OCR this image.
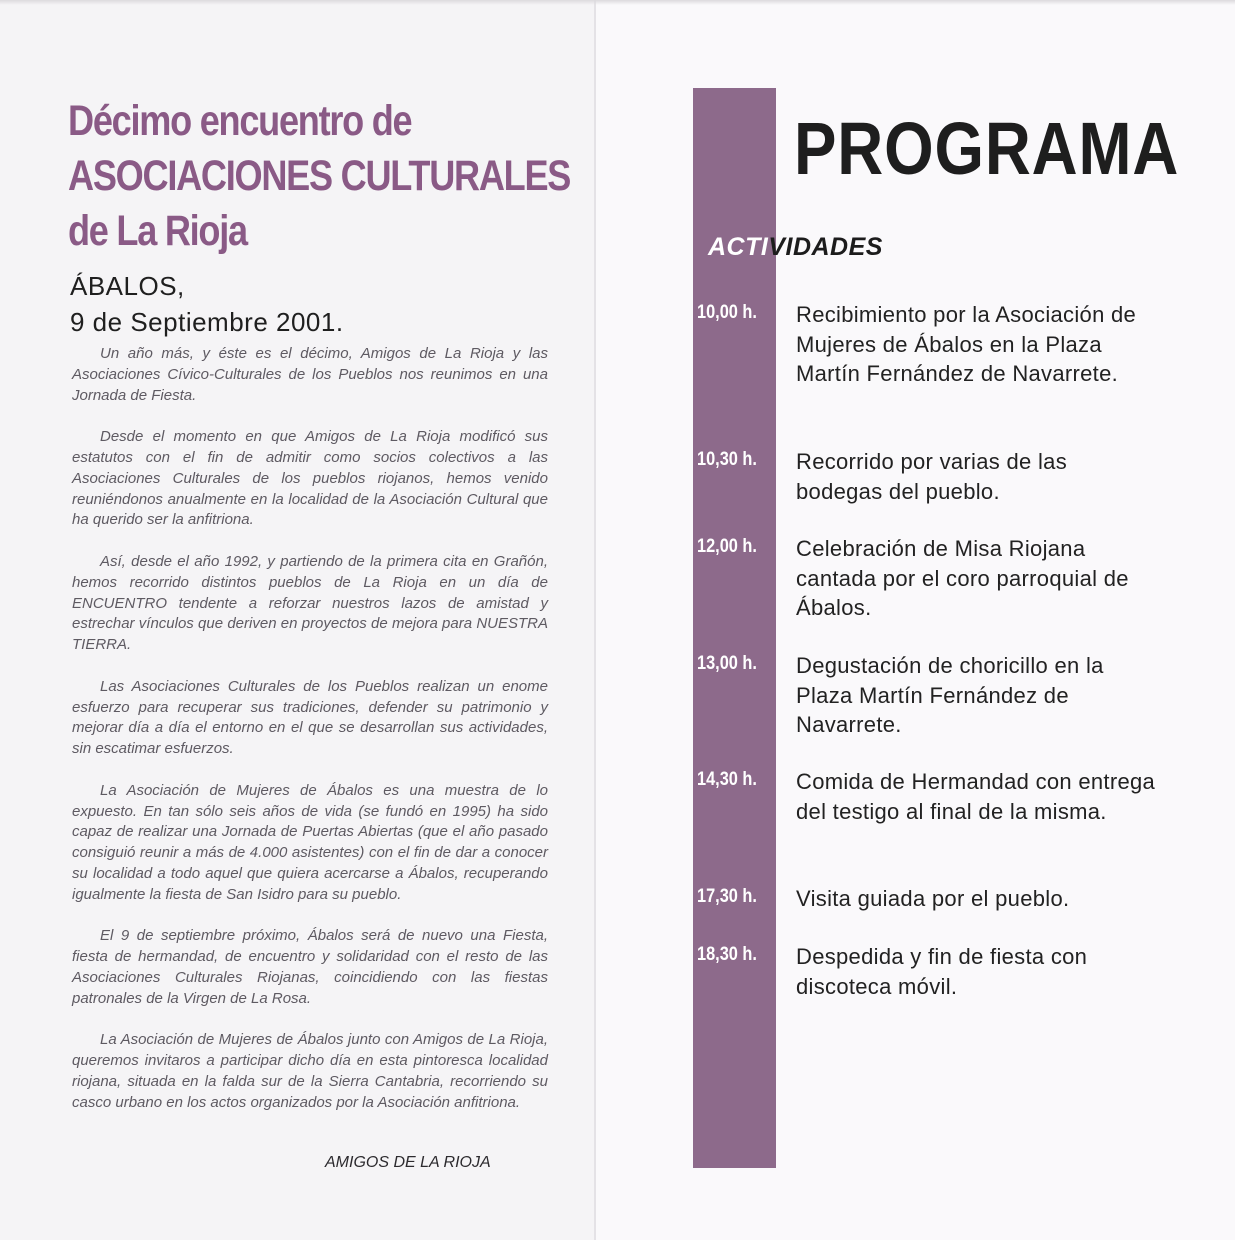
Décimo encuentro de
ASOCIACIONES CULTURALES
de La Rioja
ÁBALOS,
9 de Septiembre 2001.

Un año más, y éste es el décimo, Amigos de La Rioja y las Asociaciones Cívico-Culturales de los Pueblos nos reunimos en una Jornada de Fiesta.

Desde el momento en que Amigos de La Rioja modificó sus estatutos con el fin de admitir como socios colectivos a las Asociaciones Culturales de los pueblos riojanos, hemos venido reuniéndonos anualmente en la localidad de la Asociación Cultural que ha querido ser la anfitriona.

Así, desde el año 1992, y partiendo de la primera cita en Grañón, hemos recorrido distintos pueblos de La Rioja en un día de ENCUENTRO tendente a reforzar nuestros lazos de amistad y estrechar vínculos que deriven en proyectos de mejora para NUESTRA TIERRA.

Las Asociaciones Culturales de los Pueblos realizan un enome esfuerzo para recuperar sus tradiciones, defender su patrimonio y mejorar día a día el entorno en el que se desarrollan sus actividades, sin escatimar esfuerzos.

La Asociación de Mujeres de Ábalos es una muestra de lo expuesto. En tan sólo seis años de vida (se fundó en 1995) ha sido capaz de realizar una Jornada de Puertas Abiertas (que el año pasado consiguió reunir a más de 4.000 asistentes) con el fin de dar a conocer su localidad a todo aquel que quiera acercarse a Ábalos, recuperando igualmente la fiesta de San Isidro para su pueblo.

El 9 de septiembre próximo, Ábalos será de nuevo una Fiesta, fiesta de hermandad, de encuentro y solidaridad con el resto de las Asociaciones Culturales Riojanas, coincidiendo con las fiestas patronales de la Virgen de La Rosa.

La Asociación de Mujeres de Ábalos junto con Amigos de La Rioja, queremos invitaros a participar dicho día en esta pintoresca localidad riojana, situada en la falda sur de la Sierra Cantabria, recorriendo su casco urbano en los actos organizados por la Asociación anfitriona.

AMIGOS DE LA RIOJA
PROGRAMA
ACTIVIDADES
10,00 h.	Recibimiento por la Asociación de Mujeres de Ábalos en la Plaza Martín Fernández de Navarrete.
10,30 h.	Recorrido por varias de las bodegas del pueblo.
12,00 h.	Celebración de Misa Riojana cantada por el coro parroquial de Ábalos.
13,00 h.	Degustación de choricillo en la Plaza Martín Fernández de Navarrete.
14,30 h.	Comida de Hermandad con entrega del testigo al final de la misma.
17,30 h.	Visita guiada por el pueblo.
18,30 h.	Despedida y fin de fiesta con discoteca móvil.
